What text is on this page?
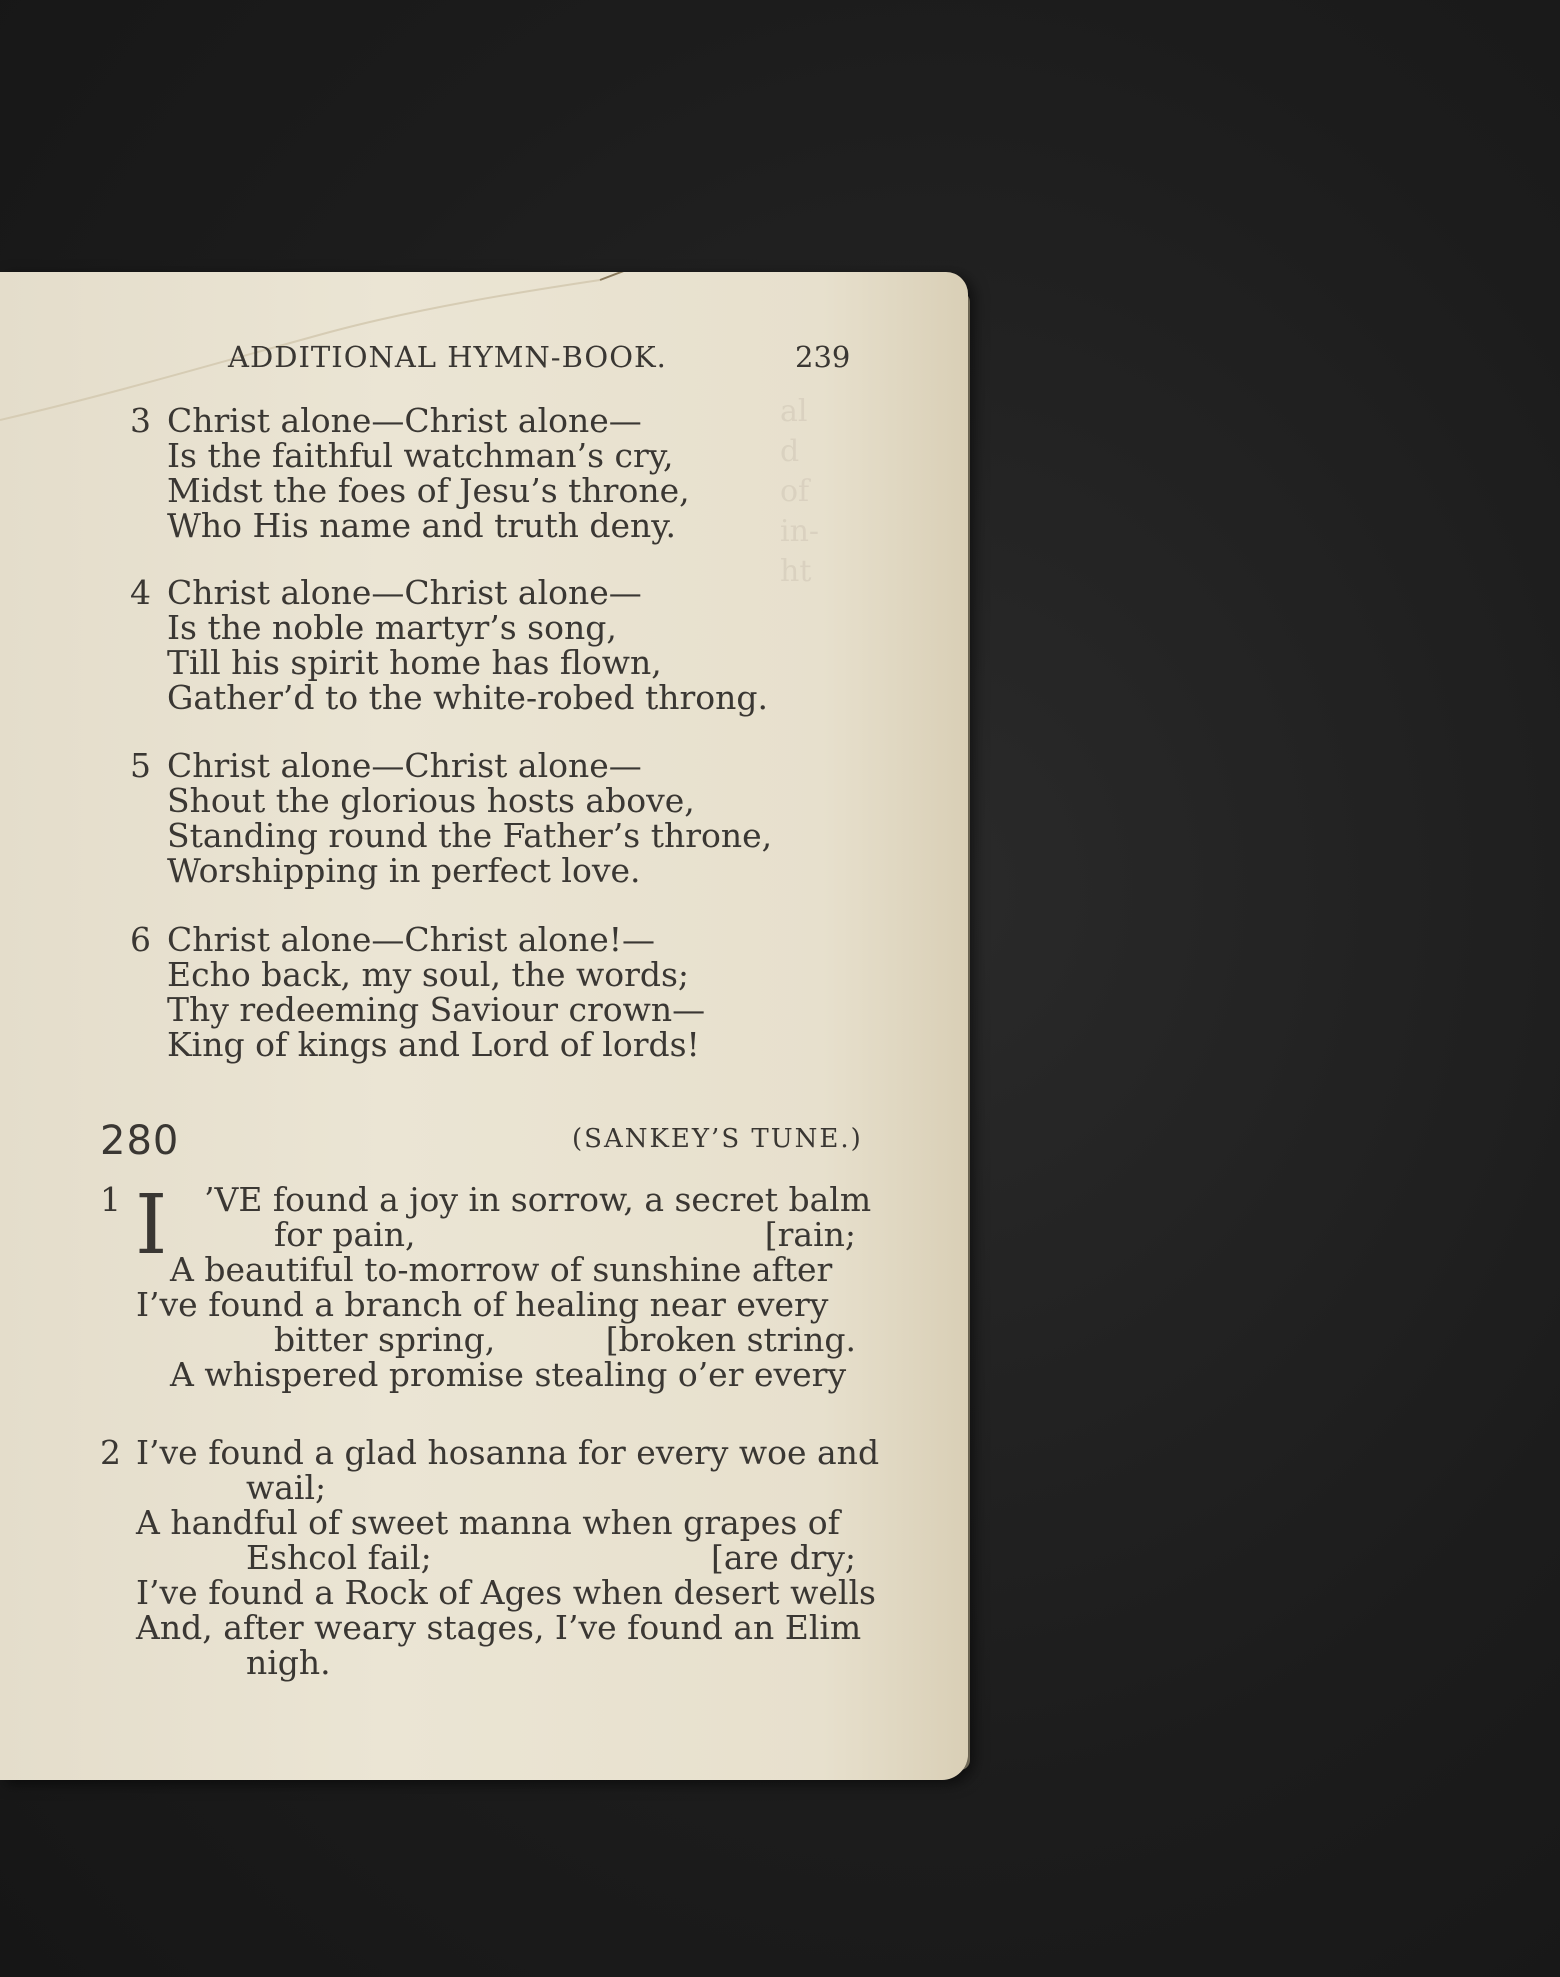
al
d
of
in-
ht
ADDITIONAL HYMN-BOOK.	239
3 Christ alone—Christ alone—
Is the faithful watchman’s cry,
Midst the foes of Jesu’s throne,
Who His name and truth deny.
4 Christ alone—Christ alone—
Is the noble martyr’s song,
Till his spirit home has flown,
Gather’d to the white-robed throng.
5 Christ alone—Christ alone—
Shout the glorious hosts above,
Standing round the Father’s throne,
Worshipping in perfect love.
6 Christ alone—Christ alone!—
Echo back, my soul, the words;
Thy redeeming Saviour crown—
King of kings and Lord of lords!
280	(SANKEY’S TUNE.)
1 I ’VE found a joy in sorrow, a secret balm
for pain,	[rain;
A beautiful to-morrow of sunshine after
I’ve found a branch of healing near every
bitter spring,	[broken string.
A whispered promise stealing o’er every
2 I’ve found a glad hosanna for every woe and
wail;
A handful of sweet manna when grapes of
Eshcol fail;	[are dry;
I’ve found a Rock of Ages when desert wells
And, after weary stages, I’ve found an Elim
nigh.
